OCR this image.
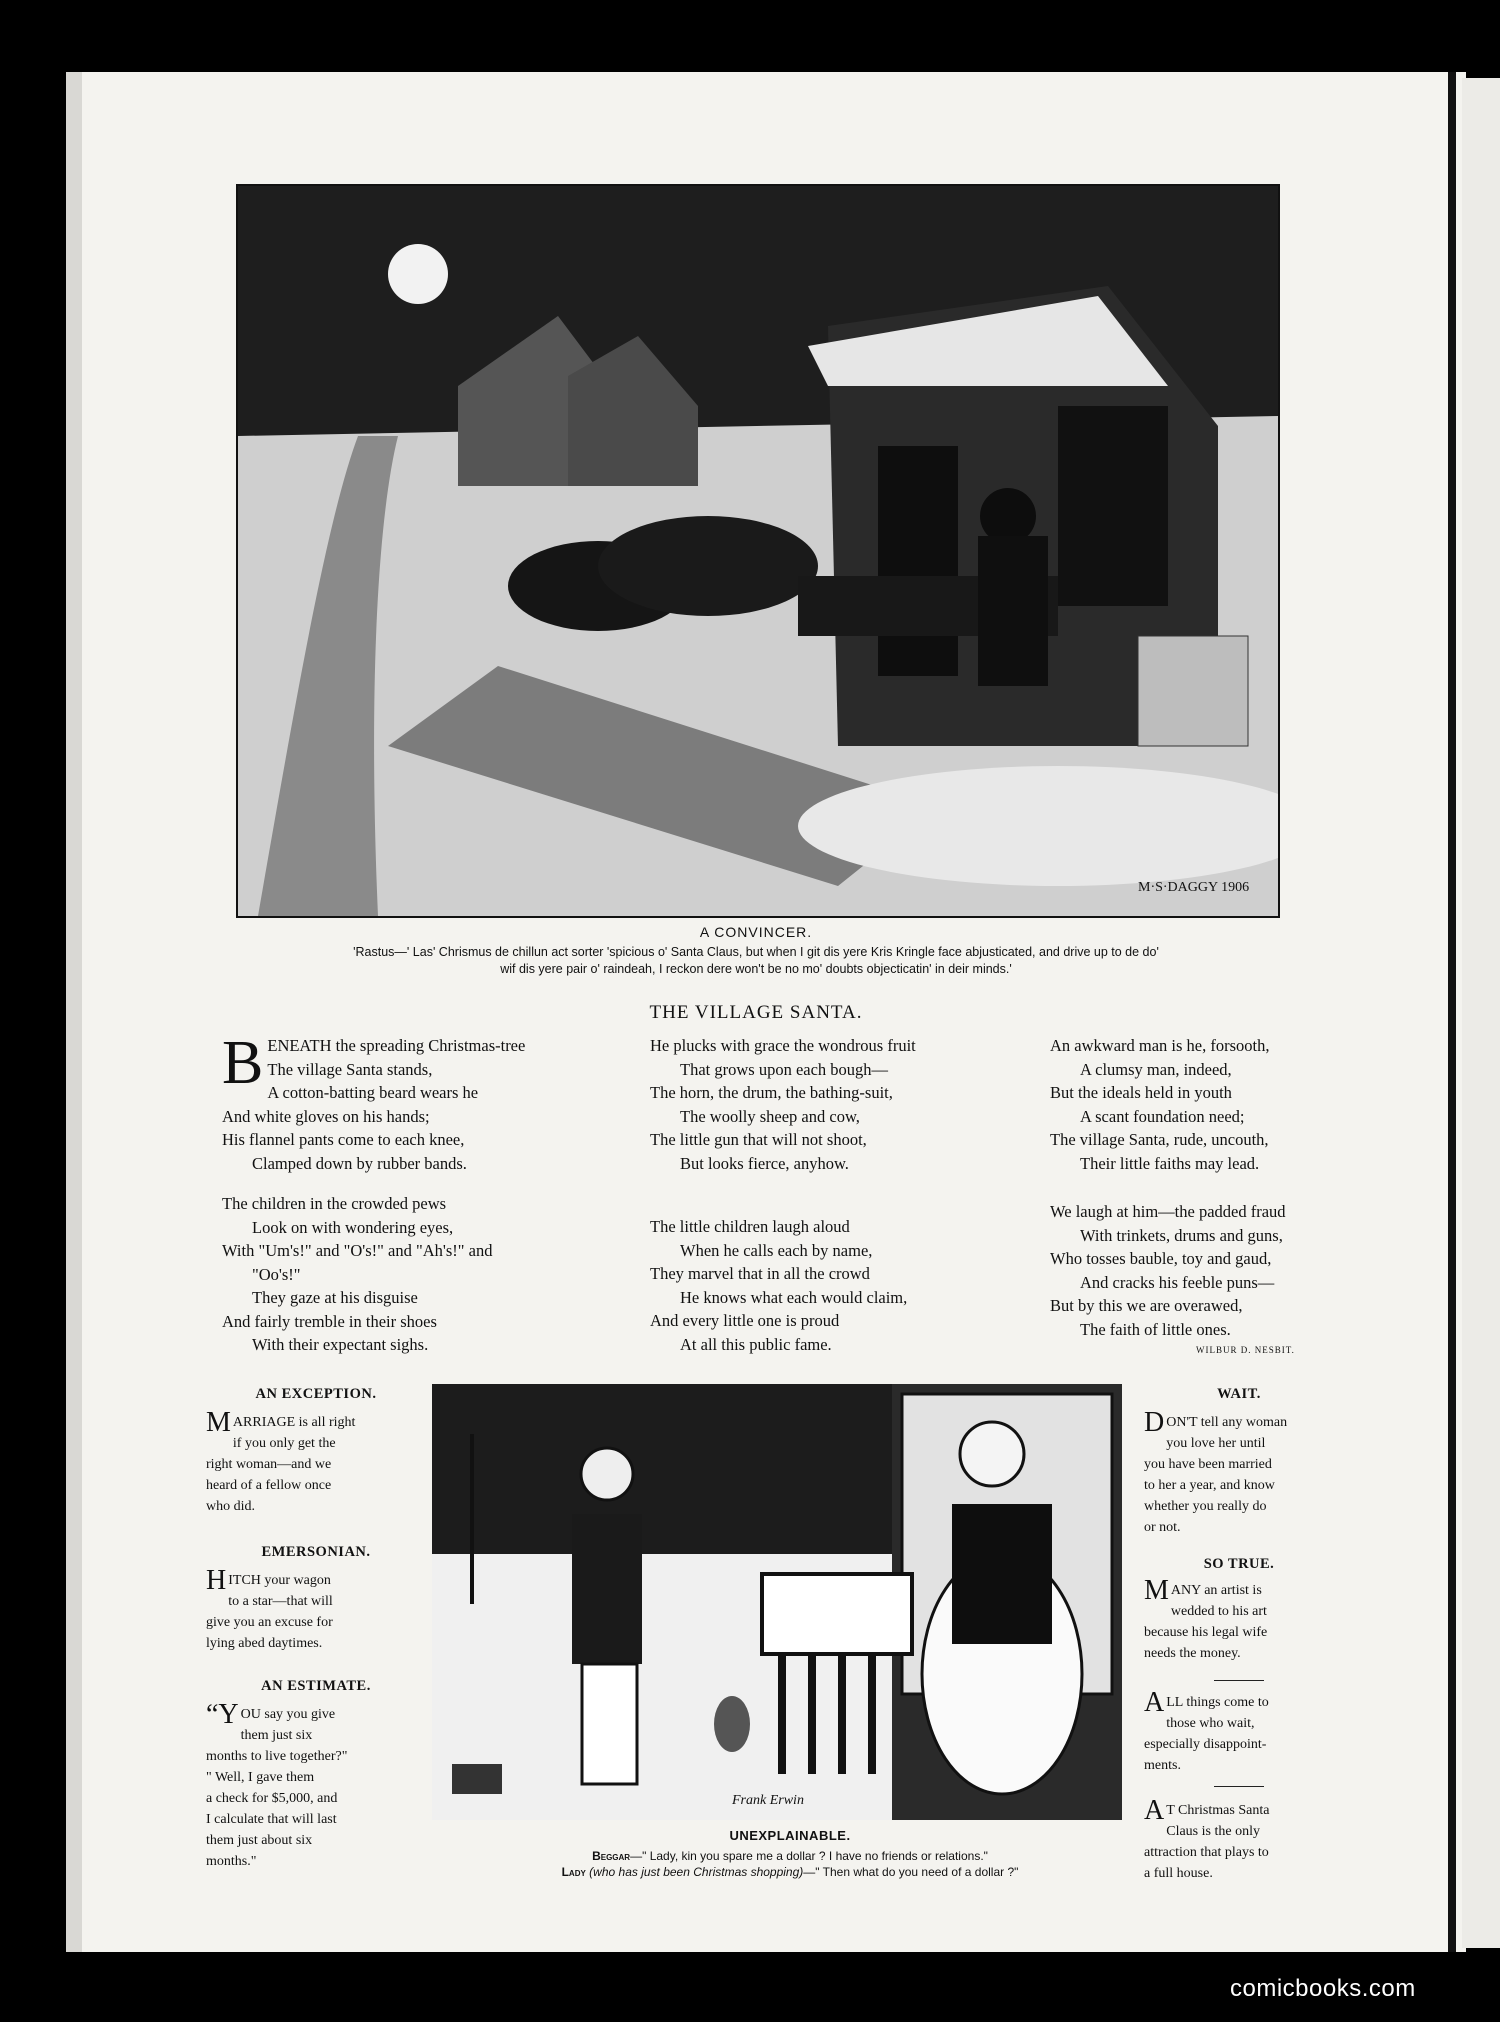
M·S·DAGGY 1906
A CONVINCER.
'Rastus—' Las' Chrismus de chillun act sorter 'spicious o' Santa Claus, but when I git dis yere Kris Kringle face abjusticated, and drive up to de do'
wif dis yere pair o' raindeah, I reckon dere won't be no mo' doubts objecticatin' in deir minds.'
THE VILLAGE SANTA.
B ENEATH the spreading Christmas-tree
The village Santa stands,
A cotton-batting beard wears he
And white gloves on his hands;
His flannel pants come to each knee,
Clamped down by rubber bands.
The children in the crowded pews
Look on with wondering eyes,
With "Um's!" and "O's!" and "Ah's!" and
"Oo's!"
They gaze at his disguise
And fairly tremble in their shoes
With their expectant sighs.
He plucks with grace the wondrous fruit
That grows upon each bough—
The horn, the drum, the bathing-suit,
The woolly sheep and cow,
The little gun that will not shoot,
But looks fierce, anyhow.
The little children laugh aloud
When he calls each by name,
They marvel that in all the crowd
He knows what each would claim,
And every little one is proud
At all this public fame.
An awkward man is he, forsooth,
A clumsy man, indeed,
But the ideals held in youth
A scant foundation need;
The village Santa, rude, uncouth,
Their little faiths may lead.
We laugh at him—the padded fraud
With trinkets, drums and guns,
Who tosses bauble, toy and gaud,
And cracks his feeble puns—
But by this we are overawed,
The faith of little ones.
WILBUR D. NESBIT.
AN EXCEPTION.
M ARRIAGE is all right
if you only get the
right woman—and we
heard of a fellow once
who did.
EMERSONIAN.
H ITCH your wagon
to a star—that will
give you an excuse for
lying abed daytimes.
AN ESTIMATE.
“Y OU say you give
them just six
months to live together?"
" Well, I gave them
a check for $5,000, and
I calculate that will last
them just about six
months."
Frank Erwin
UNEXPLAINABLE.
Beggar—" Lady, kin you spare me a dollar ? I have no friends or relations."
Lady (who has just been Christmas shopping)—" Then what do you need of a dollar ?"
WAIT.
D ON'T tell any woman
you love her until
you have been married
to her a year, and know
whether you really do
or not.
SO TRUE.
M ANY an artist is
wedded to his art
because his legal wife
needs the money.
A LL things come to
those who wait,
especially disappoint-
ments.
A T Christmas Santa
Claus is the only
attraction that plays to
a full house.
comicbooks.com
